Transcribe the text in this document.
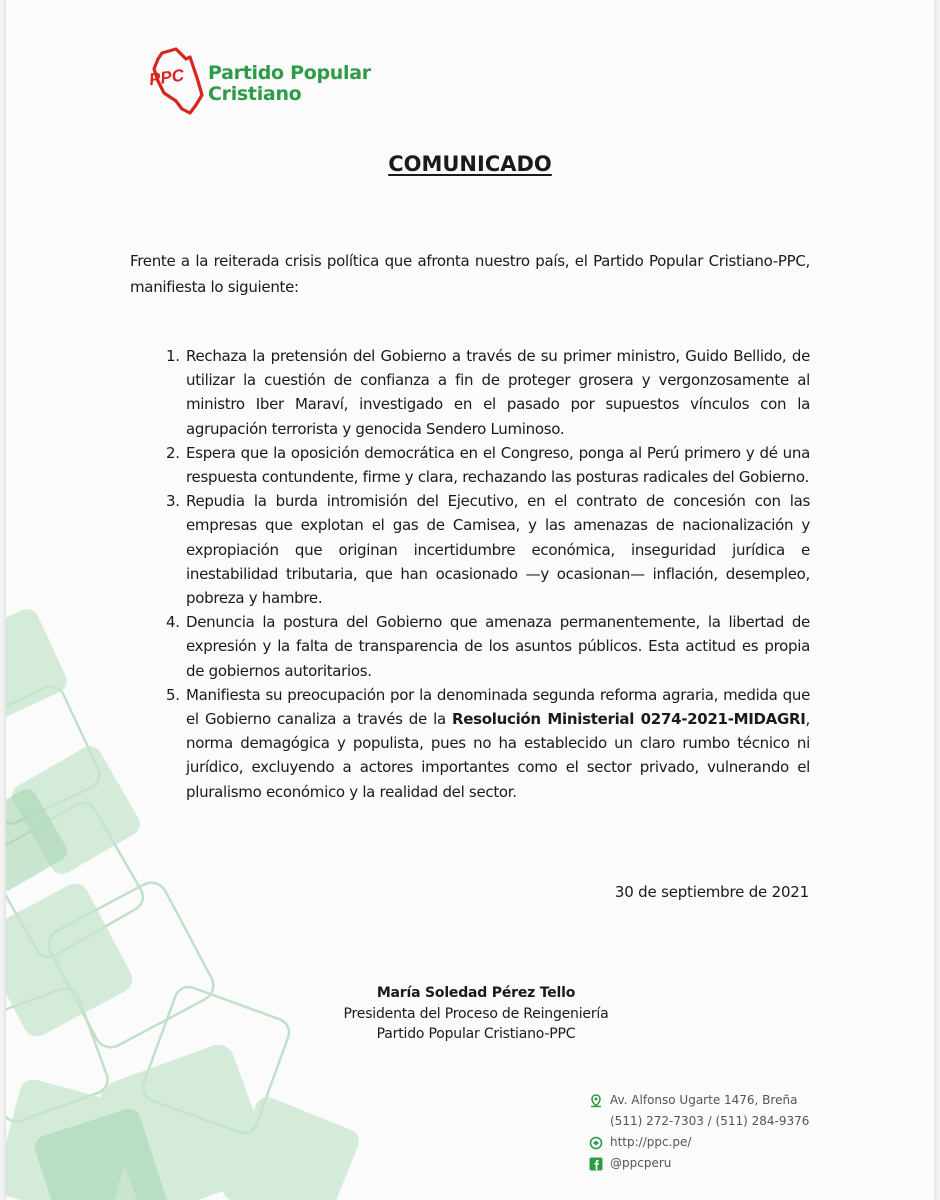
PPC Partido Popular
Cristiano
COMUNICADO
Frente a la reiterada crisis política que afronta nuestro país, el Partido Popular Cristiano-PPC, manifiesta lo siguiente:
1. Rechaza la pretensión del Gobierno a través de su primer ministro, Guido Bellido, de utilizar la cuestión de confianza a fin de proteger grosera y vergonzosamente al ministro Iber Maraví, investigado en el pasado por supuestos vínculos con la agrupación terrorista y genocida Sendero Luminoso.
2. Espera que la oposición democrática en el Congreso, ponga al Perú primero y dé una respuesta contundente, firme y clara, rechazando las posturas radicales del Gobierno.
3. Repudia la burda intromisión del Ejecutivo, en el contrato de concesión con las empresas que explotan el gas de Camisea, y las amenazas de nacionalización y expropiación que originan incertidumbre económica, inseguridad jurídica e inestabilidad tributaria, que han ocasionado —y ocasionan— inflación, desempleo, pobreza y hambre.
4. Denuncia la postura del Gobierno que amenaza permanentemente, la libertad de expresión y la falta de transparencia de los asuntos públicos. Esta actitud es propia de gobiernos autoritarios.
5. Manifiesta su preocupación por la denominada segunda reforma agraria, medida que el Gobierno canaliza a través de la Resolución Ministerial 0274-2021-MIDAGRI, norma demagógica y populista, pues no ha establecido un claro rumbo técnico ni jurídico, excluyendo a actores importantes como el sector privado, vulnerando el pluralismo económico y la realidad del sector.
30 de septiembre de 2021
María Soledad Pérez Tello
Presidenta del Proceso de Reingeniería
Partido Popular Cristiano-PPC
Av. Alfonso Ugarte 1476, Breña
(511) 272-7303 / (511) 284-9376
http://ppc.pe/
@ppcperu
